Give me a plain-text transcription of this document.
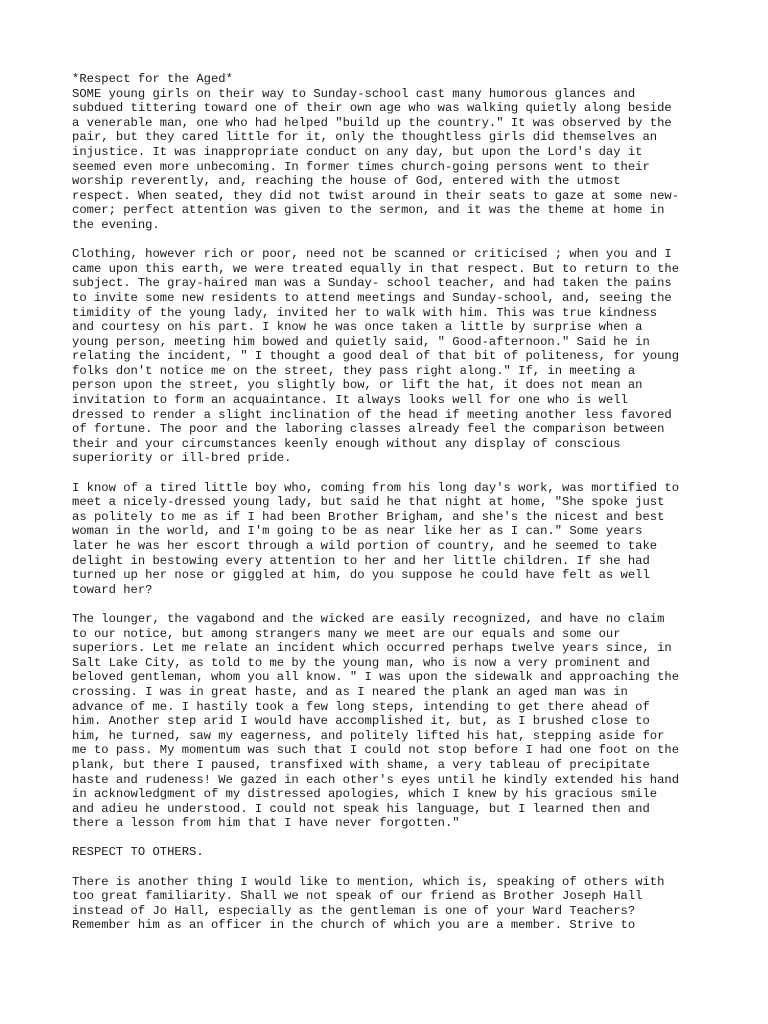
*Respect for the Aged*
SOME young girls on their way to Sunday-school cast many humorous glances and
subdued tittering toward one of their own age who was walking quietly along beside
a venerable man, one who had helped "build up the country." It was observed by the
pair, but they cared little for it, only the thoughtless girls did themselves an
injustice. It was inappropriate conduct on any day, but upon the Lord's day it
seemed even more unbecoming. In former times church-going persons went to their
worship reverently, and, reaching the house of God, entered with the utmost
respect. When seated, they did not twist around in their seats to gaze at some new-
comer; perfect attention was given to the sermon, and it was the theme at home in
the evening.

Clothing, however rich or poor, need not be scanned or criticised ; when you and I
came upon this earth, we were treated equally in that respect. But to return to the
subject. The gray-haired man was a Sunday- school teacher, and had taken the pains
to invite some new residents to attend meetings and Sunday-school, and, seeing the
timidity of the young lady, invited her to walk with him. This was true kindness
and courtesy on his part. I know he was once taken a little by surprise when a
young person, meeting him bowed and quietly said, " Good-afternoon." Said he in
relating the incident, " I thought a good deal of that bit of politeness, for young
folks don't notice me on the street, they pass right along." If, in meeting a
person upon the street, you slightly bow, or lift the hat, it does not mean an
invitation to form an acquaintance. It always looks well for one who is well
dressed to render a slight inclination of the head if meeting another less favored
of fortune. The poor and the laboring classes already feel the comparison between
their and your circumstances keenly enough without any display of conscious
superiority or ill-bred pride.

I know of a tired little boy who, coming from his long day's work, was mortified to
meet a nicely-dressed young lady, but said he that night at home, "She spoke just
as politely to me as if I had been Brother Brigham, and she's the nicest and best
woman in the world, and I'm going to be as near like her as I can." Some years
later he was her escort through a wild portion of country, and he seemed to take
delight in bestowing every attention to her and her little children. If she had
turned up her nose or giggled at him, do you suppose he could have felt as well
toward her?

The lounger, the vagabond and the wicked are easily recognized, and have no claim
to our notice, but among strangers many we meet are our equals and some our
superiors. Let me relate an incident which occurred perhaps twelve years since, in
Salt Lake City, as told to me by the young man, who is now a very prominent and
beloved gentleman, whom you all know. " I was upon the sidewalk and approaching the
crossing. I was in great haste, and as I neared the plank an aged man was in
advance of me. I hastily took a few long steps, intending to get there ahead of
him. Another step arid I would have accomplished it, but, as I brushed close to
him, he turned, saw my eagerness, and politely lifted his hat, stepping aside for
me to pass. My momentum was such that I could not stop before I had one foot on the
plank, but there I paused, transfixed with shame, a very tableau of precipitate
haste and rudeness! We gazed in each other's eyes until he kindly extended his hand
in acknowledgment of my distressed apologies, which I knew by his gracious smile
and adieu he understood. I could not speak his language, but I learned then and
there a lesson from him that I have never forgotten."

RESPECT TO OTHERS.

There is another thing I would like to mention, which is, speaking of others with
too great familiarity. Shall we not speak of our friend as Brother Joseph Hall
instead of Jo Hall, especially as the gentleman is one of your Ward Teachers?
Remember him as an officer in the church of which you are a member. Strive to
